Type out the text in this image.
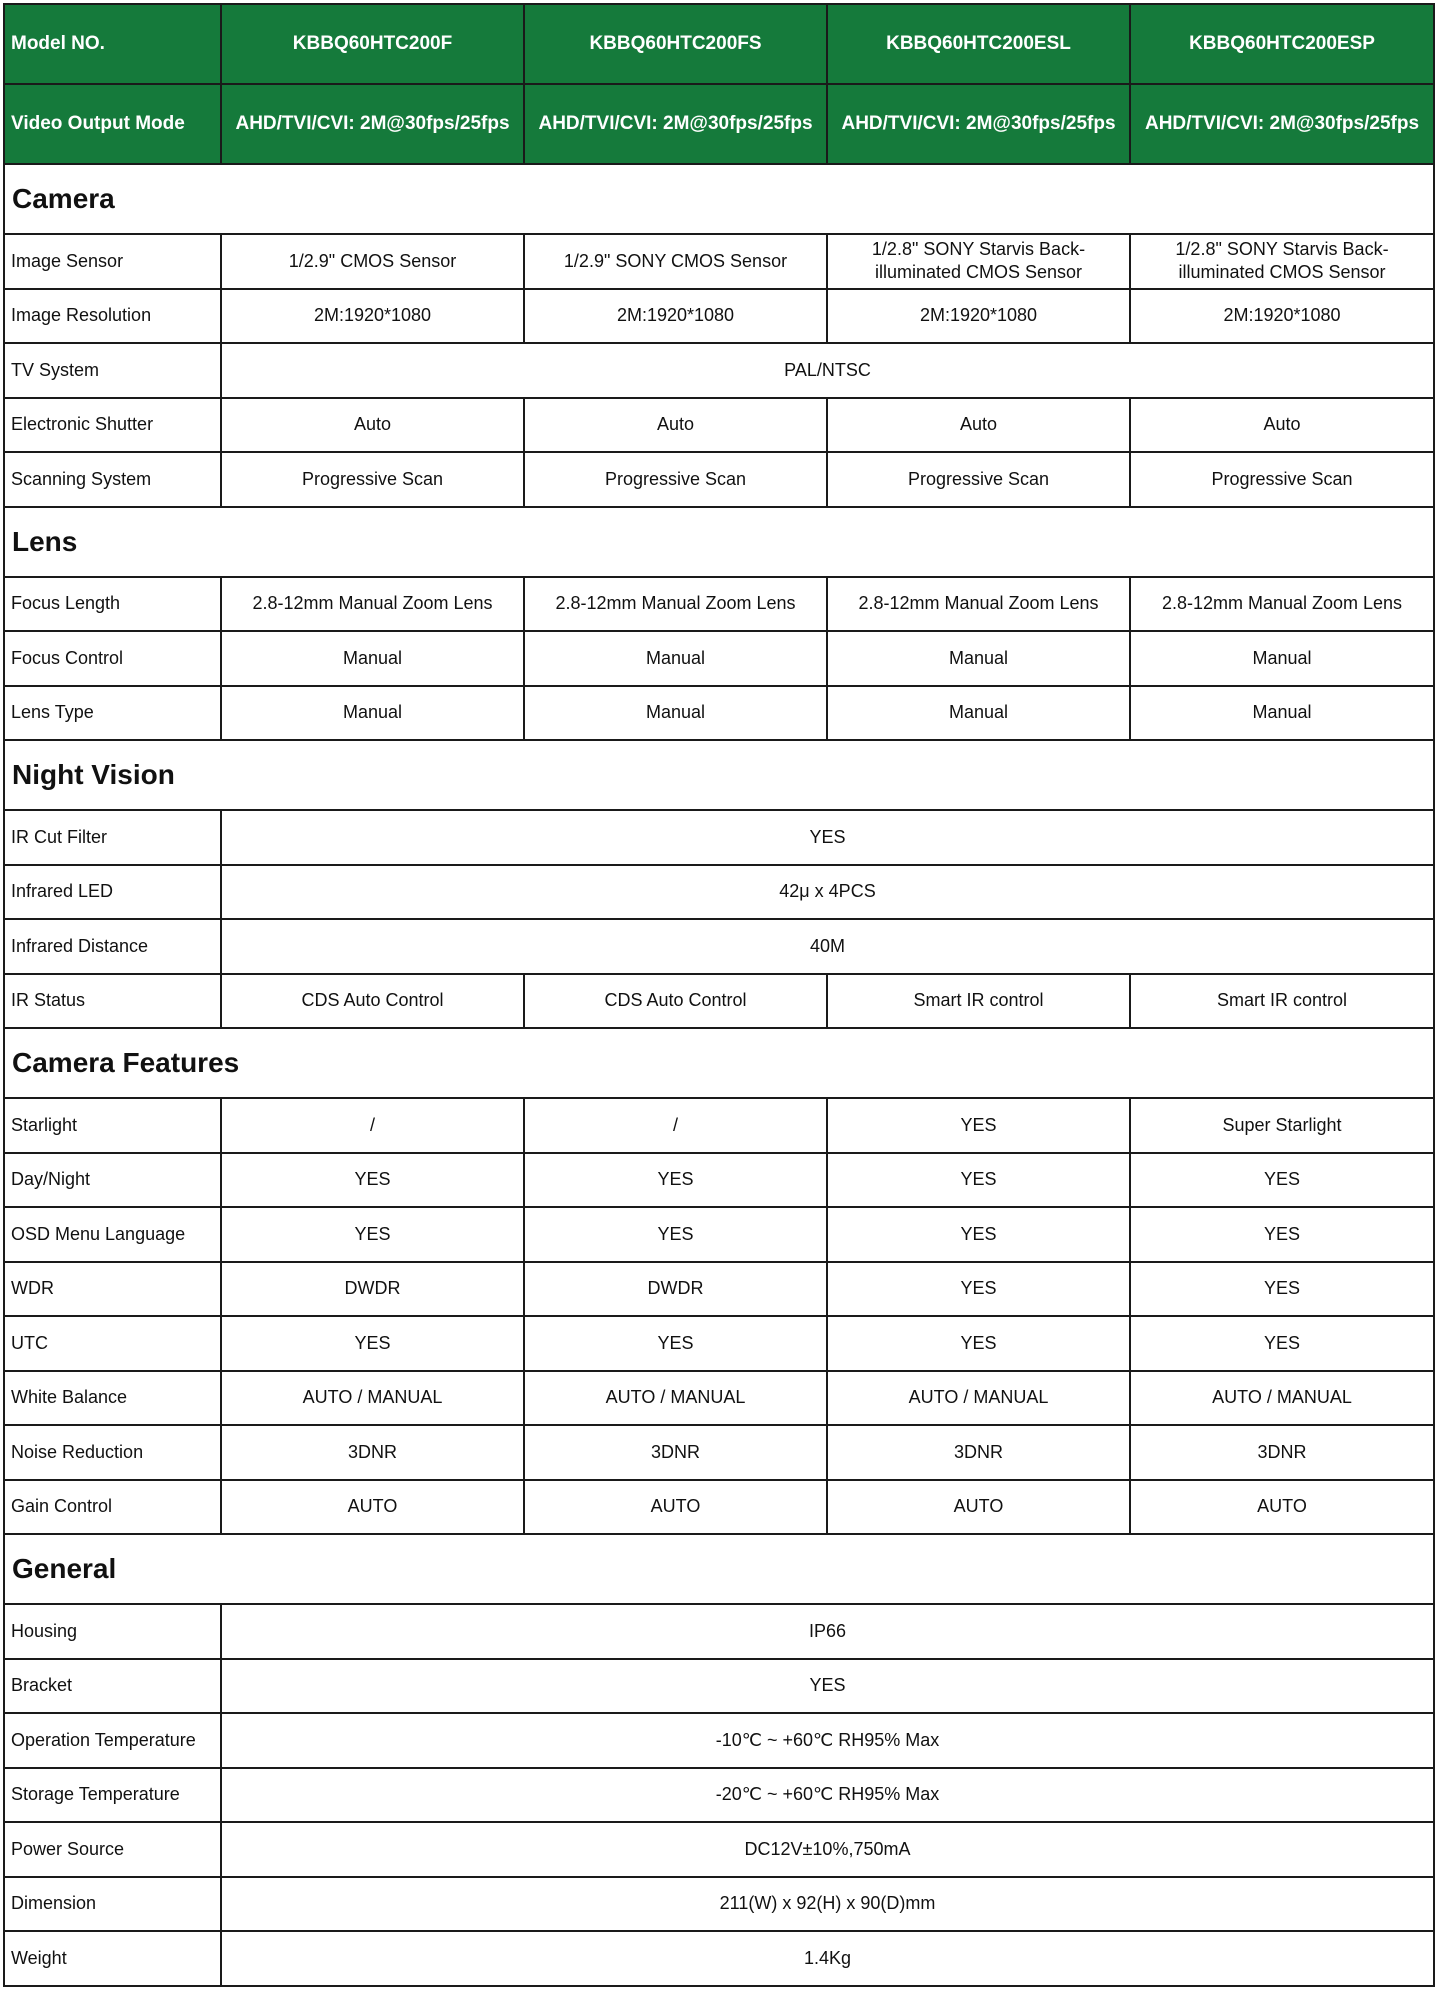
Model NO.	KBBQ60HTC200F	KBBQ60HTC200FS	KBBQ60HTC200ESL	KBBQ60HTC200ESP
Video Output Mode	AHD/TVI/CVI: 2M@30fps/25fps	AHD/TVI/CVI: 2M@30fps/25fps	AHD/TVI/CVI: 2M@30fps/25fps	AHD/TVI/CVI: 2M@30fps/25fps
Camera				
Image Sensor	1/2.9" CMOS Sensor	1/2.9" SONY CMOS Sensor	1/2.8" SONY Starvis Back-illuminated CMOS Sensor	1/2.8" SONY Starvis Back-illuminated CMOS Sensor
Image Resolution	2M:1920*1080	2M:1920*1080	2M:1920*1080	2M:1920*1080
TV System	PAL/NTSC			
Electronic Shutter	Auto	Auto	Auto	Auto
Scanning System	Progressive Scan	Progressive Scan	Progressive Scan	Progressive Scan
Lens				
Focus Length	2.8-12mm Manual Zoom Lens	2.8-12mm Manual Zoom Lens	2.8-12mm Manual Zoom Lens	2.8-12mm Manual Zoom Lens
Focus Control	Manual	Manual	Manual	Manual
Lens Type	Manual	Manual	Manual	Manual
Night Vision				
IR Cut Filter	YES			
Infrared LED	42μ x 4PCS			
Infrared Distance	40M			
IR Status	CDS Auto Control	CDS Auto Control	Smart IR control	Smart IR control
Camera Features				
Starlight	/	/	YES	Super Starlight
Day/Night	YES	YES	YES	YES
OSD Menu Language	YES	YES	YES	YES
WDR	DWDR	DWDR	YES	YES
UTC	YES	YES	YES	YES
White Balance	AUTO / MANUAL	AUTO / MANUAL	AUTO / MANUAL	AUTO / MANUAL
Noise Reduction	3DNR	3DNR	3DNR	3DNR
Gain Control	AUTO	AUTO	AUTO	AUTO
General				
Housing	IP66			
Bracket	YES			
Operation Temperature	-10℃ ~ +60℃ RH95% Max			
Storage Temperature	-20℃ ~ +60℃ RH95% Max			
Power Source	DC12V±10%,750mA			
Dimension	211(W) x 92(H) x 90(D)mm			
Weight	1.4Kg			
